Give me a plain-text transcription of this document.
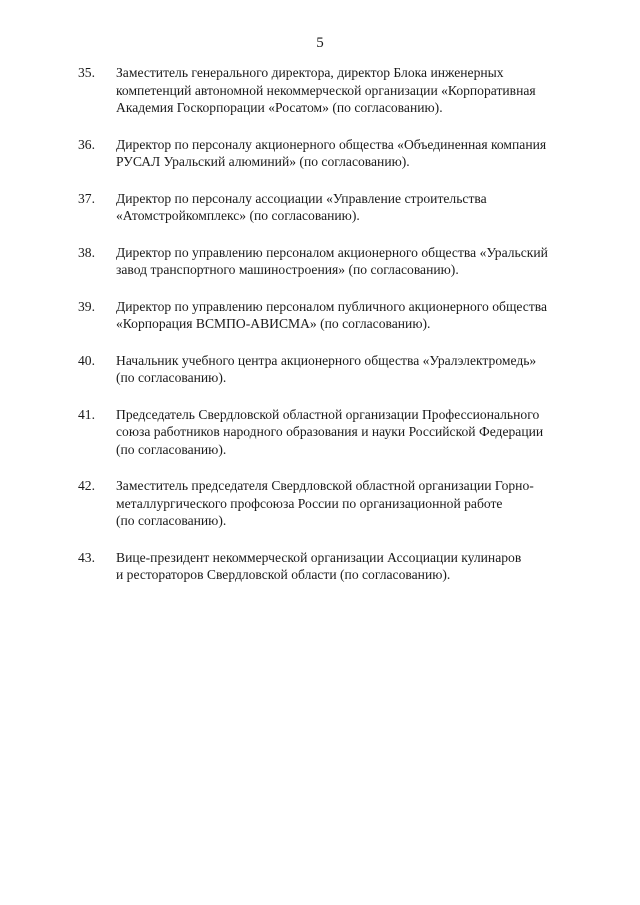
5
35.	Заместитель генерального директора, директор Блока инженерных
компетенций автономной некоммерческой организации «Корпоративная
Академия Госкорпорации «Росатом» (по согласованию).
36.	Директор по персоналу акционерного общества «Объединенная компания
РУСАЛ Уральский алюминий» (по согласованию).
37.	Директор по персоналу ассоциации «Управление строительства
«Атомстройкомплекс» (по согласованию).
38.	Директор по управлению персоналом акционерного общества «Уральский
завод транспортного машиностроения» (по согласованию).
39.	Директор по управлению персоналом публичного акционерного общества
«Корпорация ВСМПО-АВИСМА» (по согласованию).
40.	Начальник учебного центра акционерного общества «Уралэлектромедь»
(по согласованию).
41.	Председатель Свердловской областной организации Профессионального
союза работников народного образования и науки Российской Федерации
(по согласованию).
42.	Заместитель председателя Свердловской областной организации Горно-
металлургического профсоюза России по организационной работе
(по согласованию).
43.	Вице-президент некоммерческой организации Ассоциации кулинаров
и рестораторов Свердловской области (по согласованию).
